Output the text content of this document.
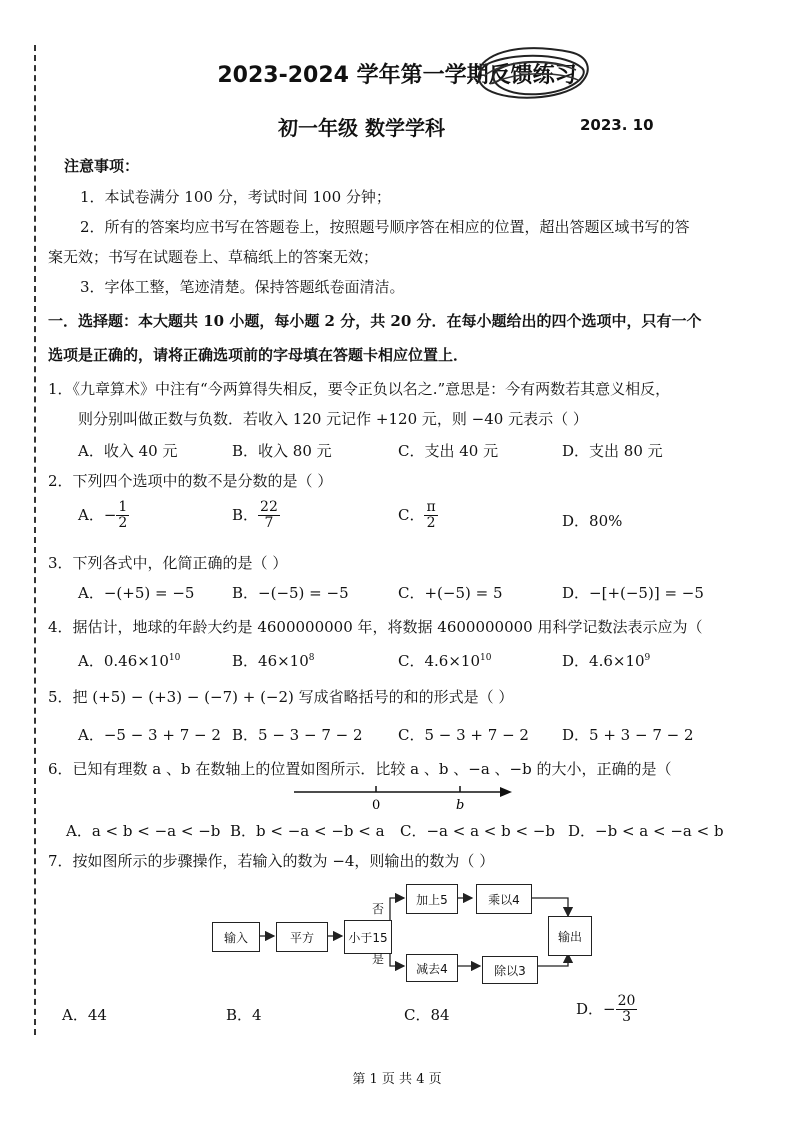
2023-2024 学年第一学期反馈练习
初一年级 数学学科	2023. 10
注意事项：
1．本试卷满分 100 分，考试时间 100 分钟；
2．所有的答案均应书写在答题卷上，按照题号顺序答在相应的位置，超出答题区域书写的答
案无效；书写在试题卷上、草稿纸上的答案无效；
3．字体工整，笔迹清楚。保持答题纸卷面清洁。
一．选择题：本大题共 10 小题，每小题 2 分，共 20 分．在每小题给出的四个选项中，只有一个
选项是正确的，请将正确选项前的字母填在答题卡相应位置上．
1．《九章算术》中注有“今两算得失相反，要令正负以名之.”意思是：今有两数若其意义相反，
则分别叫做正数与负数．若收入 120 元记作 +120 元，则 −40 元表示（ ）
A．收入 40 元	B．收入 80 元	C．支出 40 元	D．支出 80 元
2．下列四个选项中的数不是分数的是（ ）
A．− $\frac{1}{2}$	B． $\frac{22}{7}$	C． $\frac{\pi}{2}$	D．80%
3．下列各式中，化简正确的是（ ）
A．−(+5) = −5	B．−(−5) = −5	C．+(−5) = 5	D．−[+(−5)] = −5
4．据估计，地球的年龄大约是 4600000000 年，将数据 4600000000 用科学记数法表示应为（
A．$0.46\times 10^{10}$	B．$46\times 10^8$	C．$4.6\times 10^{10}$	D．$4.6\times 10^9$
5．把 (+5) − (+3) − (−7) + (−2) 写成省略括号的和的形式是（ ）
A．−5 − 3 + 7 − 2 B．5 − 3 − 7 − 2 C．5 − 3 + 7 − 2 D．5 + 3 − 7 − 2
6．已知有理数 a 、b 在数轴上的位置如图所示．比较 a 、b 、−a 、−b 的大小，正确的是（
0	b
A．a < b < −a < −b B．b < −a < −b < a C．−a < a < b < −b D．−b < a < −a < b
7．按如图所示的步骤操作，若输入的数为 −4，则输出的数为（ ）
输入	平方	小于15
否
是
加上5	乘以4
减去4	除以3
输出
A．44	B．4	C．84	D．− $\frac{20}{3}$
第 1 页 共 4 页
